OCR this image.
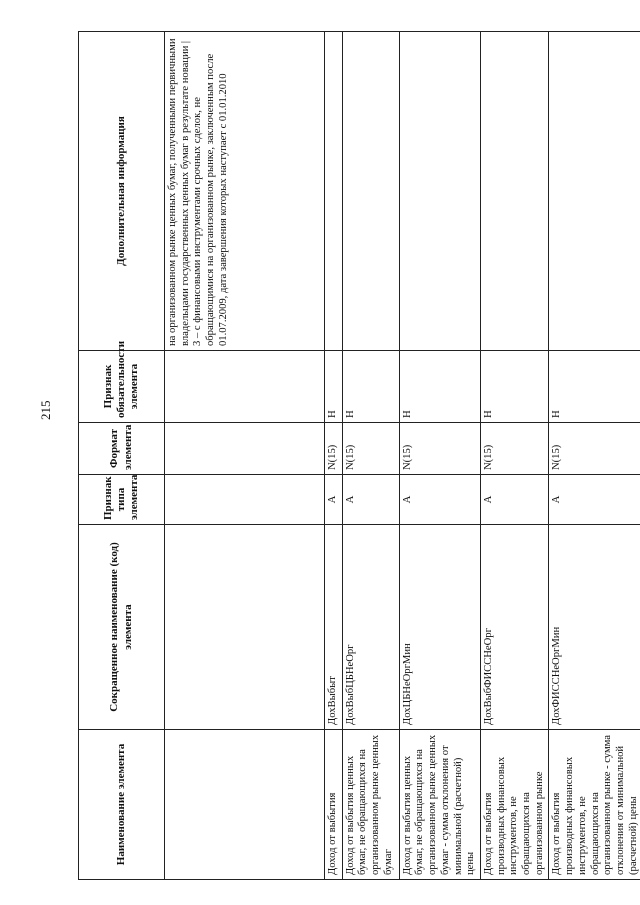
215
Наименование элемента	Сокращенное наименование (код) элемента	Признак типа элемента	Формат элемента	Признак обязательности элемента	Дополнительная информация
					на организованном рынке ценных бумаг, полученными первичными владельцами государственных ценных бумаг в результате новации |
3 – с финансовыми инструментами срочных сделок, не обращающимися на организованном рынке, заключенным после 01.07.2009, дата завершения которых наступает с 01.01.2010
Доход от выбытия	ДохВыбыт	А	N(15)	Н	
Доход от выбытия ценных бумаг, не обращающихся на организованном рынке ценных бумаг	ДохВыбЦБНеОрг	А	N(15)	Н	
Доход от выбытия ценных бумаг, не обращающихся на организованном рынке ценных бумаг - сумма отклонения от минимальной (расчетной) цены	ДохЦБНеОргМин	А	N(15)	Н	
Доход от выбытия производных финансовых инструментов, не обращающихся на организованном рынке	ДохВыбФИССНеОрг	А	N(15)	Н	
Доход от выбытия производных финансовых инструментов, не обращающихся на организованном рынке - сумма отклонения от минимальной (расчетной) цены	ДохФИССНеОргМин	А	N(15)	Н	
